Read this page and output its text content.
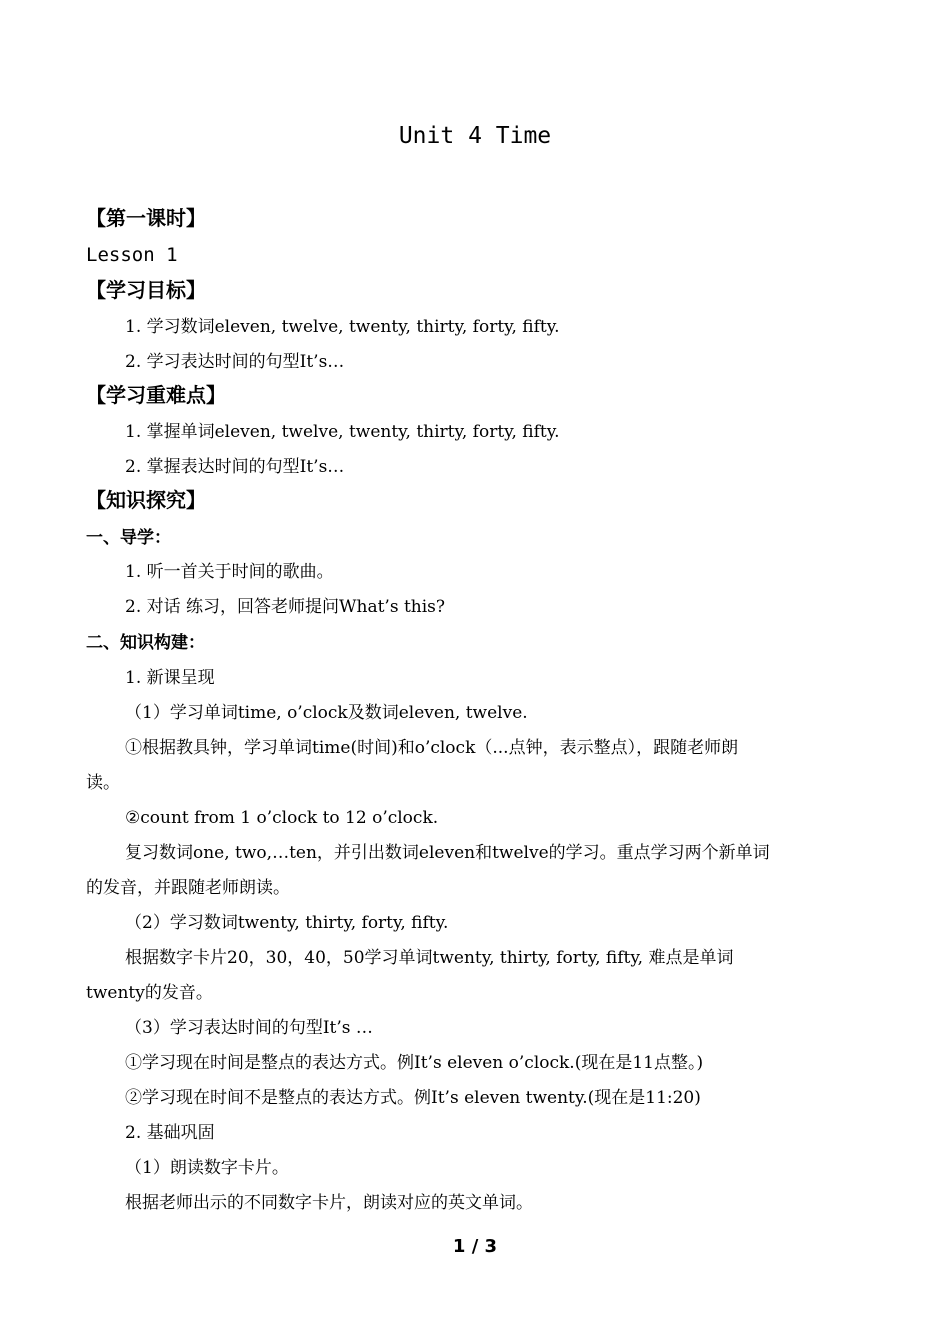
Unit 4 Time
【第一课时】
Lesson 1
【学习目标】
1. 学习数词eleven, twelve, twenty, thirty, forty, fifty.
2. 学习表达时间的句型It’s…
【学习重难点】
1. 掌握单词eleven, twelve, twenty, thirty, forty, fifty.
2. 掌握表达时间的句型It’s…
【知识探究】
一、导学：
1. 听一首关于时间的歌曲。
2. 对话 练习，回答老师提问What’s this?
二、知识构建：
1. 新课呈现
（1）学习单词time, o’clock及数词eleven, twelve.
①根据教具钟，学习单词time(时间)和o’clock（...点钟，表示整点），跟随老师朗
读。
②count from 1 o’clock to 12 o’clock.
复习数词one, two,…ten，并引出数词eleven和twelve的学习。重点学习两个新单词
的发音，并跟随老师朗读。
（2）学习数词twenty, thirty, forty, fifty.
根据数字卡片20，30，40，50学习单词twenty, thirty, forty, fifty, 难点是单词
twenty的发音。
（3）学习表达时间的句型It’s …
①学习现在时间是整点的表达方式。例It’s eleven o’clock.(现在是11点整。)
②学习现在时间不是整点的表达方式。例It’s eleven twenty.(现在是11:20)
2. 基础巩固
（1）朗读数字卡片。
根据老师出示的不同数字卡片，朗读对应的英文单词。
1 / 3
